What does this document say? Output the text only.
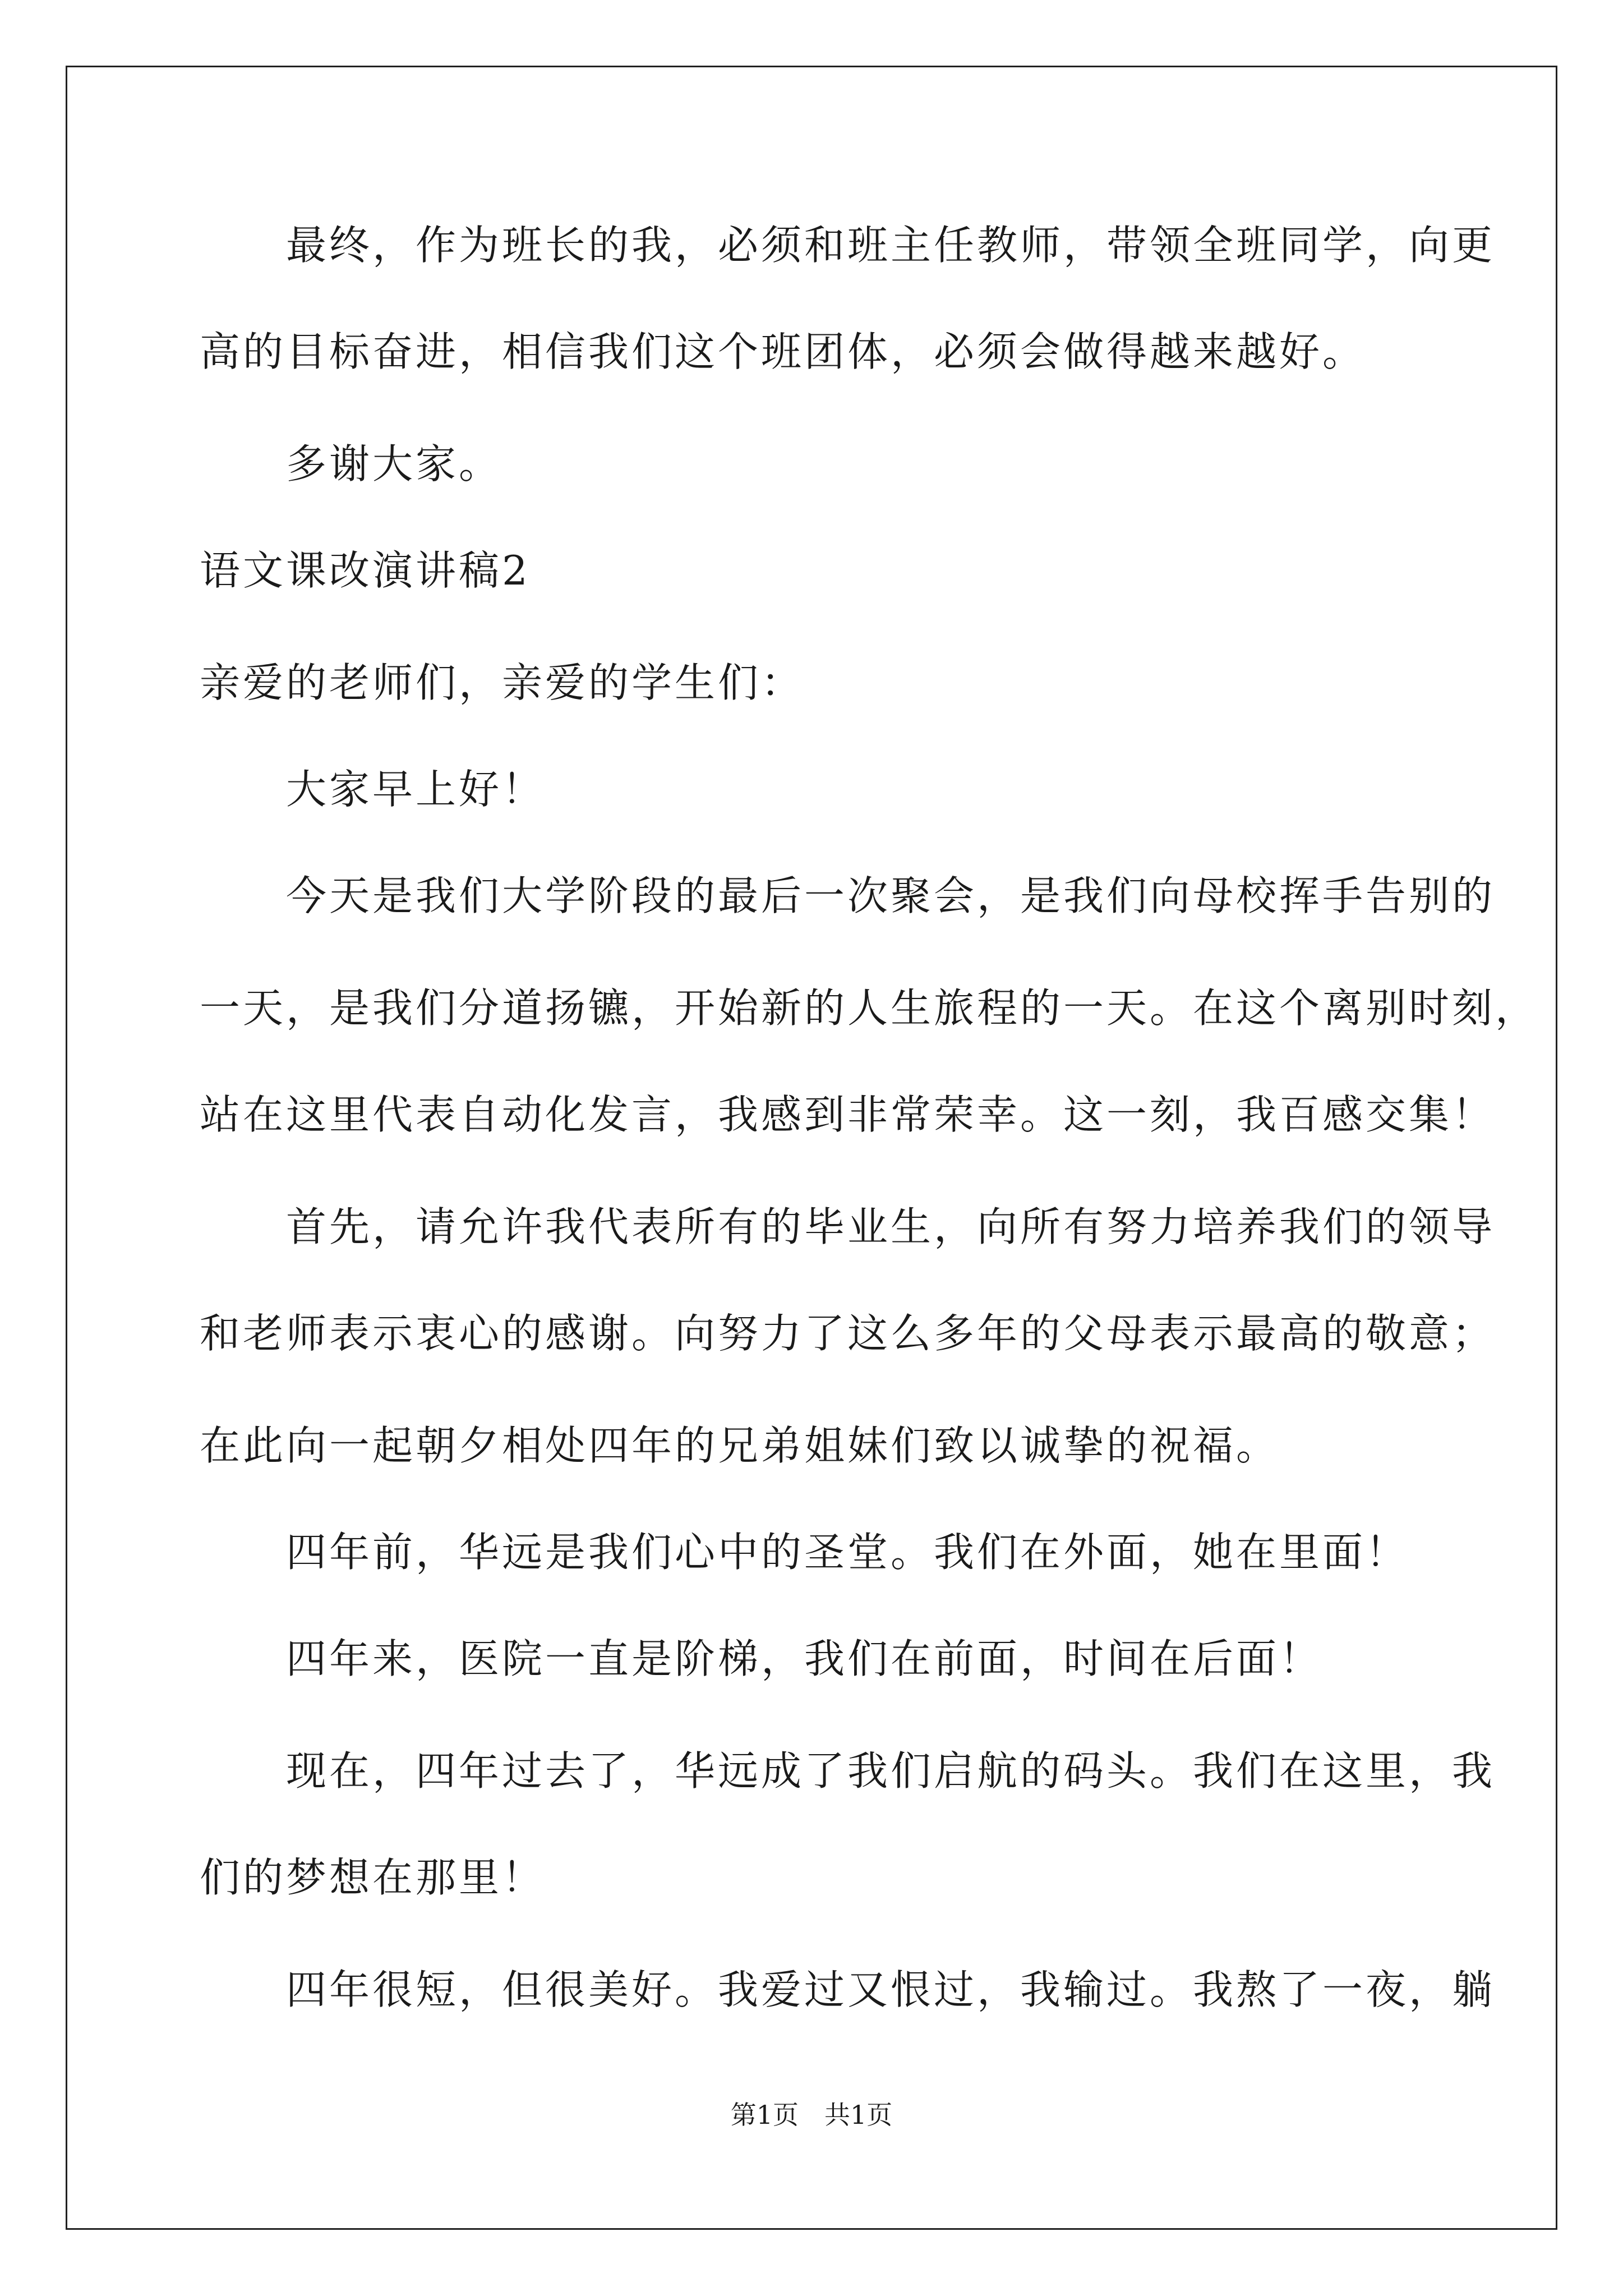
　　最终，作为班长的我，必须和班主任教师，带领全班同学，向更
高的目标奋进，相信我们这个班团体，必须会做得越来越好。
　　多谢大家。
语文课改演讲稿2
亲爱的老师们，亲爱的学生们：
　　大家早上好！
　　今天是我们大学阶段的最后一次聚会，是我们向母校挥手告别的
一天，是我们分道扬镳，开始新的人生旅程的一天。在这个离别时刻，
站在这里代表自动化发言，我感到非常荣幸。这一刻，我百感交集！
　　首先，请允许我代表所有的毕业生，向所有努力培养我们的领导
和老师表示衷心的感谢。向努力了这么多年的父母表示最高的敬意；
在此向一起朝夕相处四年的兄弟姐妹们致以诚挚的祝福。
　　四年前，华远是我们心中的圣堂。我们在外面，她在里面！
　　四年来，医院一直是阶梯，我们在前面，时间在后面！
　　现在，四年过去了，华远成了我们启航的码头。我们在这里，我
们的梦想在那里！
　　四年很短，但很美好。我爱过又恨过，我输过。我熬了一夜，躺
第1页　共1页
